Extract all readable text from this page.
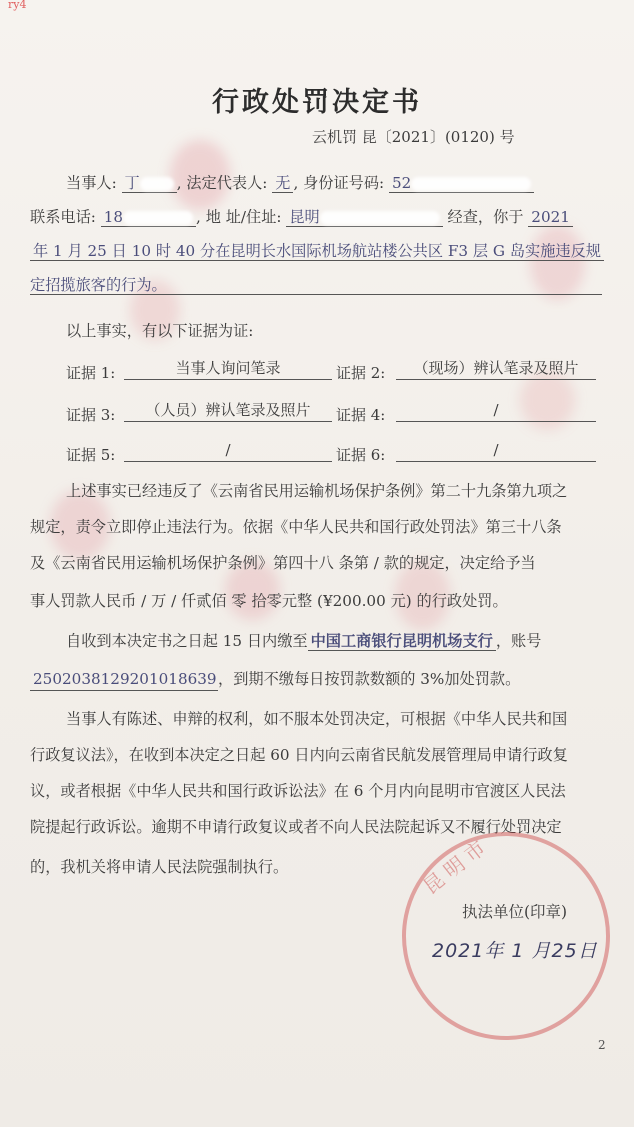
ry4
行政处罚决定书
云机罚 昆〔2021〕(0120) 号
当事人: 丁 , 法定代表人: 无 , 身份证号码: 52
联系电话: 18	, 地 址/住址: 昆明	经查，你于 2021
年 1 月 25 日 10 时 40 分在昆明长水国际机场航站楼公共区 F3 层 G 岛实施违反规
定招揽旅客的行为。
以上事实，有以下证据为证:
证据 1:	当事人询问笔录	证据 2:	（现场）辨认笔录及照片
证据 3:	（人员）辨认笔录及照片	证据 4:	/
证据 5:	/	证据 6:	/
上述事实已经违反了《云南省民用运输机场保护条例》第二十九条第九项之
规定，责令立即停止违法行为。依据《中华人民共和国行政处罚法》第三十八条
及《云南省民用运输机场保护条例》第四十八 条第 / 款的规定，决定给予当
事人罚款人民币 / 万 / 仟贰佰 零 拾零元整 (¥200.00 元) 的行政处罚。
自收到本决定书之日起 15 日内缴至 中国工商银行昆明机场支行 ，账号
2502038129201018639，到期不缴每日按罚款数额的 3%加处罚款。
当事人有陈述、申辩的权利，如不服本处罚决定，可根据《中华人民共和国
行政复议法》，在收到本决定之日起 60 日内向云南省民航发展管理局申请行政复
议，或者根据《中华人民共和国行政诉讼法》在 6 个月内向昆明市官渡区人民法
院提起行政诉讼。逾期不申请行政复议或者不向人民法院起诉又不履行处罚决定
的，我机关将申请人民法院强制执行。	昆明市
执法单位(印章)
2021年 1 月25日
2
